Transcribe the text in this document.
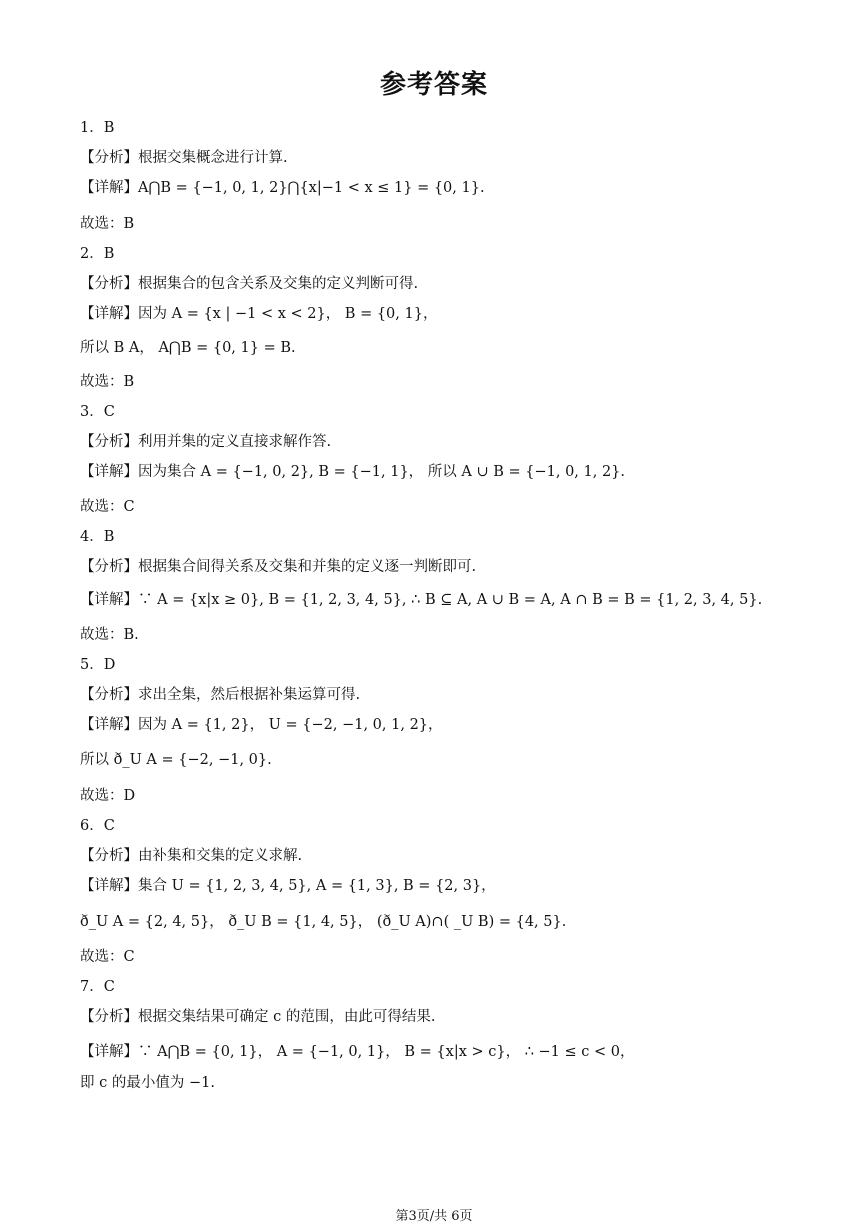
参考答案
1．B
【分析】根据交集概念进行计算.
【详解】A⋂B = {−1, 0, 1, 2}⋂{x|−1 < x ≤ 1} = {0, 1}.
故选：B
2．B
【分析】根据集合的包含关系及交集的定义判断可得.
【详解】因为 A = {x | −1 < x < 2}， B = {0, 1}，
所以 B A， A⋂B = {0, 1} = B.
故选：B
3．C
【分析】利用并集的定义直接求解作答.
【详解】因为集合 A = {−1, 0, 2}, B = {−1, 1}， 所以 A ∪ B = {−1, 0, 1, 2}.
故选：C
4．B
【分析】根据集合间得关系及交集和并集的定义逐一判断即可.
【详解】∵ A = {x|x ≥ 0}, B = {1, 2, 3, 4, 5}, ∴ B ⊆ A, A ∪ B = A, A ∩ B = B = {1, 2, 3, 4, 5}.
故选：B.
5．D
【分析】求出全集，然后根据补集运算可得.
【详解】因为 A = {1, 2}， U = {−2, −1, 0, 1, 2}，
所以 ð_U A = {−2, −1, 0}.
故选：D
6．C
【分析】由补集和交集的定义求解.
【详解】集合 U = {1, 2, 3, 4, 5}, A = {1, 3}, B = {2, 3}，
ð_U A = {2, 4, 5}， ð_U B = {1, 4, 5}， (ð_U A)∩( _U B) = {4, 5}.
故选：C
7．C
【分析】根据交集结果可确定 c 的范围，由此可得结果.
【详解】∵ A⋂B = {0, 1}， A = {−1, 0, 1}， B = {x|x > c}， ∴ −1 ≤ c < 0，
即 c 的最小值为 −1.
第3页/共 6页
